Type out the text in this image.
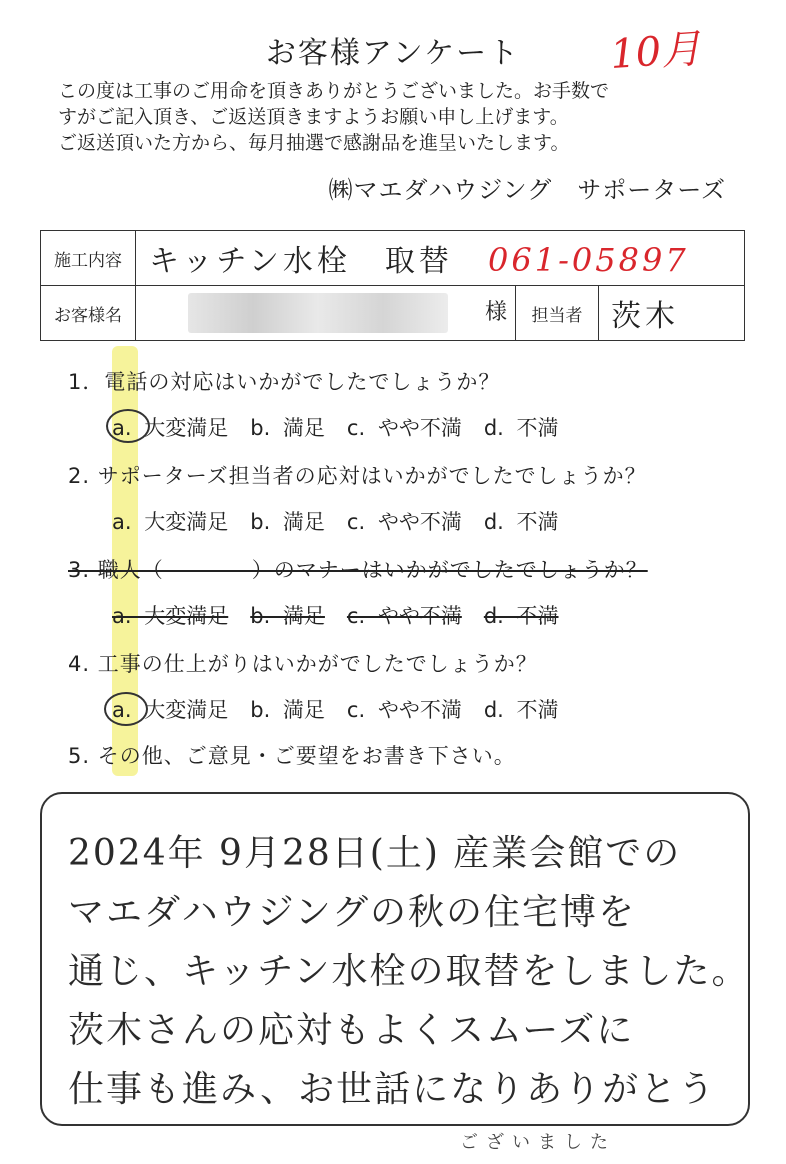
お客様アンケート	10月
この度は工事のご用命を頂きありがとうございました。お手数で
すがご記入頂き、ご返送頂きますようお願い申し上げます。
ご返送頂いた方から、毎月抽選で感謝品を進呈いたします。
㈱マエダハウジング　サポーターズ
施工内容	キッチン水栓　取替 061-05897		
お客様名	様	担当者	茨木
1．電話の対応はいかがでしたでしょうか？
a. 大変満足 b. 満足 c. やや不満 d. 不満
2. サポーターズ担当者の応対はいかがでしたでしょうか？
a. 大変満足 b. 満足 c. やや不満 d. 不満
3. 職人（　　　　）のマナーはいかがでしたでしょうか？
a. 大変満足 b. 満足 c. やや不満 d. 不満
4. 工事の仕上がりはいかがでしたでしょうか？
a. 大変満足 b. 満足 c. やや不満 d. 不満
5. その他、ご意見・ご要望をお書き下さい。
2024年 9月28日(土) 産業会館での
マエダハウジングの秋の住宅博を
通じ、キッチン水栓の取替をしました。
茨木さんの応対もよくスムーズに
仕事も進み、お世話になりありがとう
ございました
